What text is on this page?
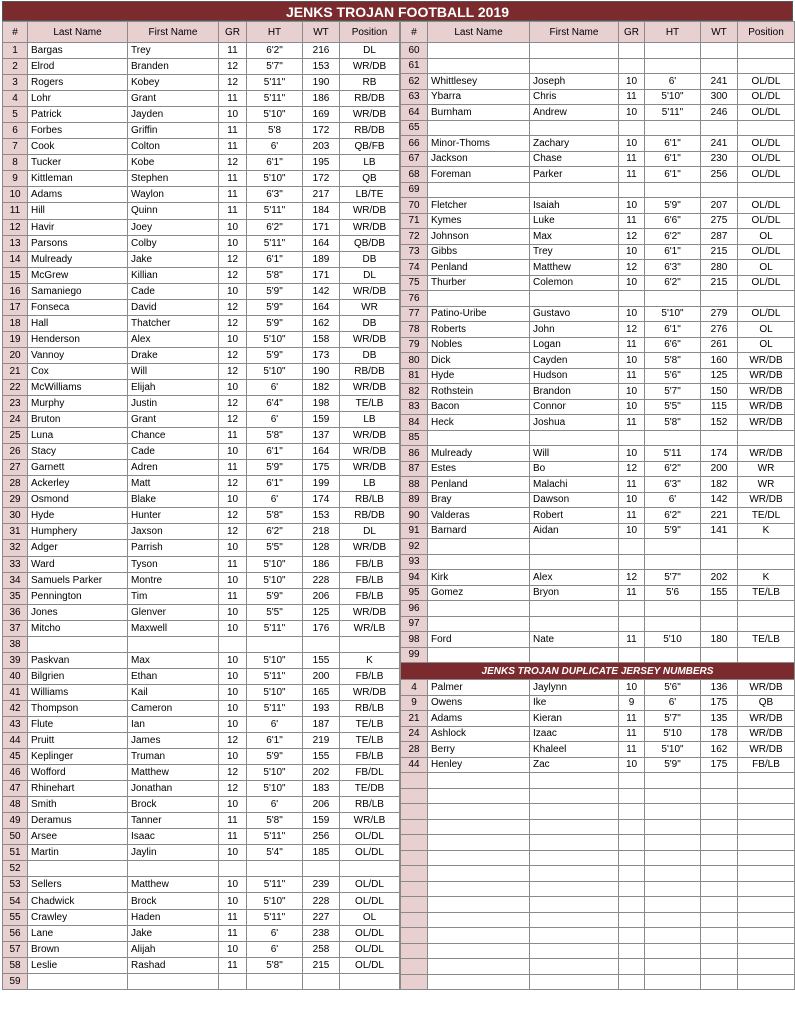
JENKS TROJAN FOOTBALL 2019
#	Last Name	First Name	GR	HT	WT	Position
1	Bargas	Trey	11	6'2"	216	DL
2	Elrod	Branden	12	5'7"	153	WR/DB
3	Rogers	Kobey	12	5'11"	190	RB
4	Lohr	Grant	11	5'11"	186	RB/DB
5	Patrick	Jayden	10	5'10"	169	WR/DB
6	Forbes	Griffin	11	5'8	172	RB/DB
7	Cook	Colton	11	6'	203	QB/FB
8	Tucker	Kobe	12	6'1"	195	LB
9	Kittleman	Stephen	11	5'10"	172	QB
10	Adams	Waylon	11	6'3"	217	LB/TE
11	Hill	Quinn	11	5'11"	184	WR/DB
12	Havir	Joey	10	6'2"	171	WR/DB
13	Parsons	Colby	10	5'11"	164	QB/DB
14	Mulready	Jake	12	6'1"	189	DB
15	McGrew	Killian	12	5'8"	171	DL
16	Samaniego	Cade	10	5'9"	142	WR/DB
17	Fonseca	David	12	5'9"	164	WR
18	Hall	Thatcher	12	5'9"	162	DB
19	Henderson	Alex	10	5'10"	158	WR/DB
20	Vannoy	Drake	12	5'9"	173	DB
21	Cox	Will	12	5'10"	190	RB/DB
22	McWilliams	Elijah	10	6'	182	WR/DB
23	Murphy	Justin	12	6'4"	198	TE/LB
24	Bruton	Grant	12	6'	159	LB
25	Luna	Chance	11	5'8"	137	WR/DB
26	Stacy	Cade	10	6'1"	164	WR/DB
27	Garnett	Adren	11	5'9"	175	WR/DB
28	Ackerley	Matt	12	6'1"	199	LB
29	Osmond	Blake	10	6'	174	RB/LB
30	Hyde	Hunter	12	5'8"	153	RB/DB
31	Humphery	Jaxson	12	6'2"	218	DL
32	Adger	Parrish	10	5'5"	128	WR/DB
33	Ward	Tyson	11	5'10"	186	FB/LB
34	Samuels Parker	Montre	10	5'10"	228	FB/LB
35	Pennington	Tim	11	5'9"	206	FB/LB
36	Jones	Glenver	10	5'5"	125	WR/DB
37	Mitcho	Maxwell	10	5'11"	176	WR/LB
38						
39	Paskvan	Max	10	5'10"	155	K
40	Bilgrien	Ethan	10	5'11"	200	FB/LB
41	Williams	Kail	10	5'10"	165	WR/DB
42	Thompson	Cameron	10	5'11"	193	RB/LB
43	Flute	Ian	10	6'	187	TE/LB
44	Pruitt	James	12	6'1"	219	TE/LB
45	Keplinger	Truman	10	5'9"	155	FB/LB
46	Wofford	Matthew	12	5'10"	202	FB/DL
47	Rhinehart	Jonathan	12	5'10"	183	TE/DB
48	Smith	Brock	10	6'	206	RB/LB
49	Deramus	Tanner	11	5'8"	159	WR/LB
50	Arsee	Isaac	11	5'11"	256	OL/DL
51	Martin	Jaylin	10	5'4"	185	OL/DL
52						
53	Sellers	Matthew	10	5'11"	239	OL/DL
54	Chadwick	Brock	10	5'10"	228	OL/DL
55	Crawley	Haden	11	5'11"	227	OL
56	Lane	Jake	11	6'	238	OL/DL
57	Brown	Alijah	10	6'	258	OL/DL
58	Leslie	Rashad	11	5'8"	215	OL/DL
59						
#	Last Name	First Name	GR	HT	WT	Position
60						
61						
62	Whittlesey	Joseph	10	6'	241	OL/DL
63	Ybarra	Chris	11	5'10"	300	OL/DL
64	Burnham	Andrew	10	5'11"	246	OL/DL
65						
66	Minor-Thoms	Zachary	10	6'1"	241	OL/DL
67	Jackson	Chase	11	6'1"	230	OL/DL
68	Foreman	Parker	11	6'1"	256	OL/DL
69						
70	Fletcher	Isaiah	10	5'9"	207	OL/DL
71	Kymes	Luke	11	6'6"	275	OL/DL
72	Johnson	Max	12	6'2"	287	OL
73	Gibbs	Trey	10	6'1"	215	OL/DL
74	Penland	Matthew	12	6'3"	280	OL
75	Thurber	Colemon	10	6'2"	215	OL/DL
76						
77	Patino-Uribe	Gustavo	10	5'10"	279	OL/DL
78	Roberts	John	12	6'1"	276	OL
79	Nobles	Logan	11	6'6"	261	OL
80	Dick	Cayden	10	5'8"	160	WR/DB
81	Hyde	Hudson	11	5'6"	125	WR/DB
82	Rothstein	Brandon	10	5'7"	150	WR/DB
83	Bacon	Connor	10	5'5"	115	WR/DB
84	Heck	Joshua	11	5'8"	152	WR/DB
85						
86	Mulready	Will	10	5'11	174	WR/DB
87	Estes	Bo	12	6'2"	200	WR
88	Penland	Malachi	11	6'3"	182	WR
89	Bray	Dawson	10	6'	142	WR/DB
90	Valderas	Robert	11	6'2"	221	TE/DL
91	Barnard	Aidan	10	5'9"	141	K
92						
93						
94	Kirk	Alex	12	5'7"	202	K
95	Gomez	Bryon	11	5'6	155	TE/LB
96						
97						
98	Ford	Nate	11	5'10	180	TE/LB
99						
JENKS TROJAN DUPLICATE JERSEY NUMBERS						
4	Palmer	Jaylynn	10	5'6"	136	WR/DB
9	Owens	Ike	9	6'	175	QB
21	Adams	Kieran	11	5'7"	135	WR/DB
24	Ashlock	Izaac	11	5'10	178	WR/DB
28	Berry	Khaleel	11	5'10"	162	WR/DB
44	Henley	Zac	10	5'9"	175	FB/LB
